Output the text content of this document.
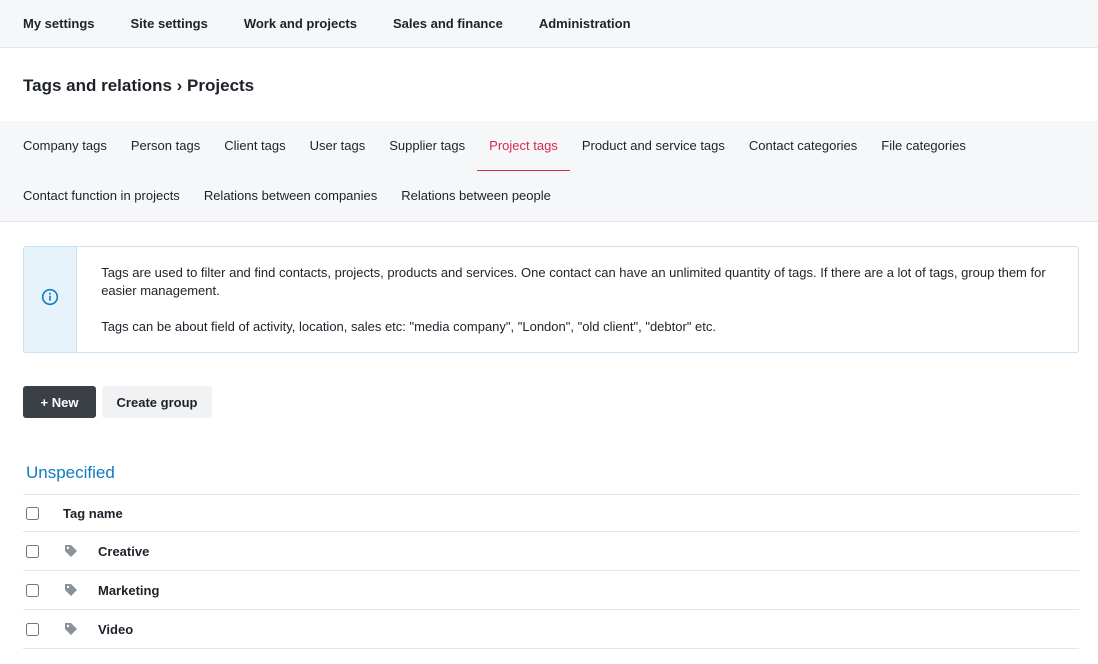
My settings	Site settings	Work and projects	Sales and finance	Administration
Tags and relations › Projects
Company tags	Person tags	Client tags	User tags	Supplier tags	Project tags	Product and service tags	Contact categories	File categories
Contact function in projects	Relations between companies	Relations between people

Tags are used to filter and find contacts, projects, products and services. One contact can have an unlimited quantity of tags. If there are a lot of tags, group them for easier management.

Tags can be about field of activity, location, sales etc: "media company", "London", "old client", "debtor" etc.

+ New	Create group
Unspecified
Tag name
Creative
Marketing
Video
